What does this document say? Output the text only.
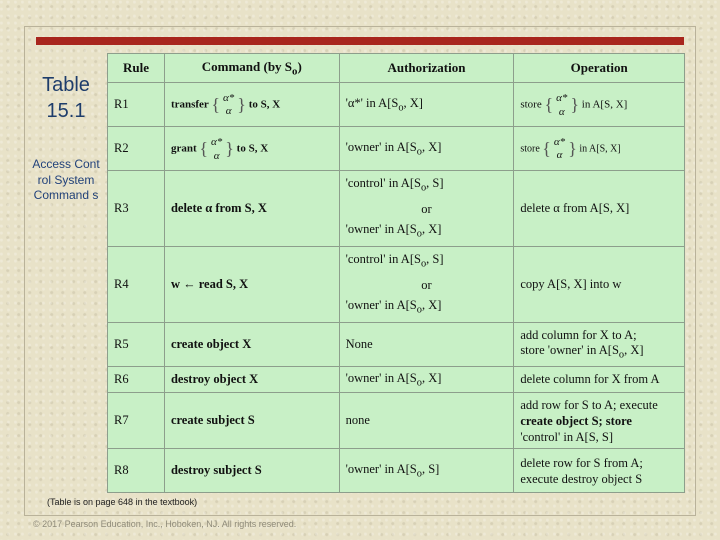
Table
15.1
Access Control System Command s
Rule	Command (by $S_o$)	Authorization	Operation
R1	transfer { α*
α } to S, X	'α*' in $A[S_o$, X]	store { α*
α } in A[S, X]
R2	grant { α*
α } to S, X	'owner' in $A[S_o$, X]	store { α*
α } in A[S, X]
R3	delete α from S, X	'control' in $A[S_o$, S]

or
'owner' in $A[S_o$, X]	delete α from A[S, X]
R4	w ← read S, X	'control' in $A[S_o$, S]

or
'owner' in $A[S_o$, X]	copy A[S, X] into w
R5	create object X	None	add column for X to A;
store 'owner' in $A[S_o$, X]
R6	destroy object X	'owner' in $A[S_o$, X]	delete column for X from A
R7	create subject S	none	add row for S to A; execute
create object S; store
'control' in A[S, S]
R8	destroy subject S	'owner' in $A[S_o$, S]	delete row for S from A;
execute destroy object S
(Table is on page 648 in the textbook)
© 2017 Pearson Education, Inc., Hoboken, NJ. All rights reserved.
